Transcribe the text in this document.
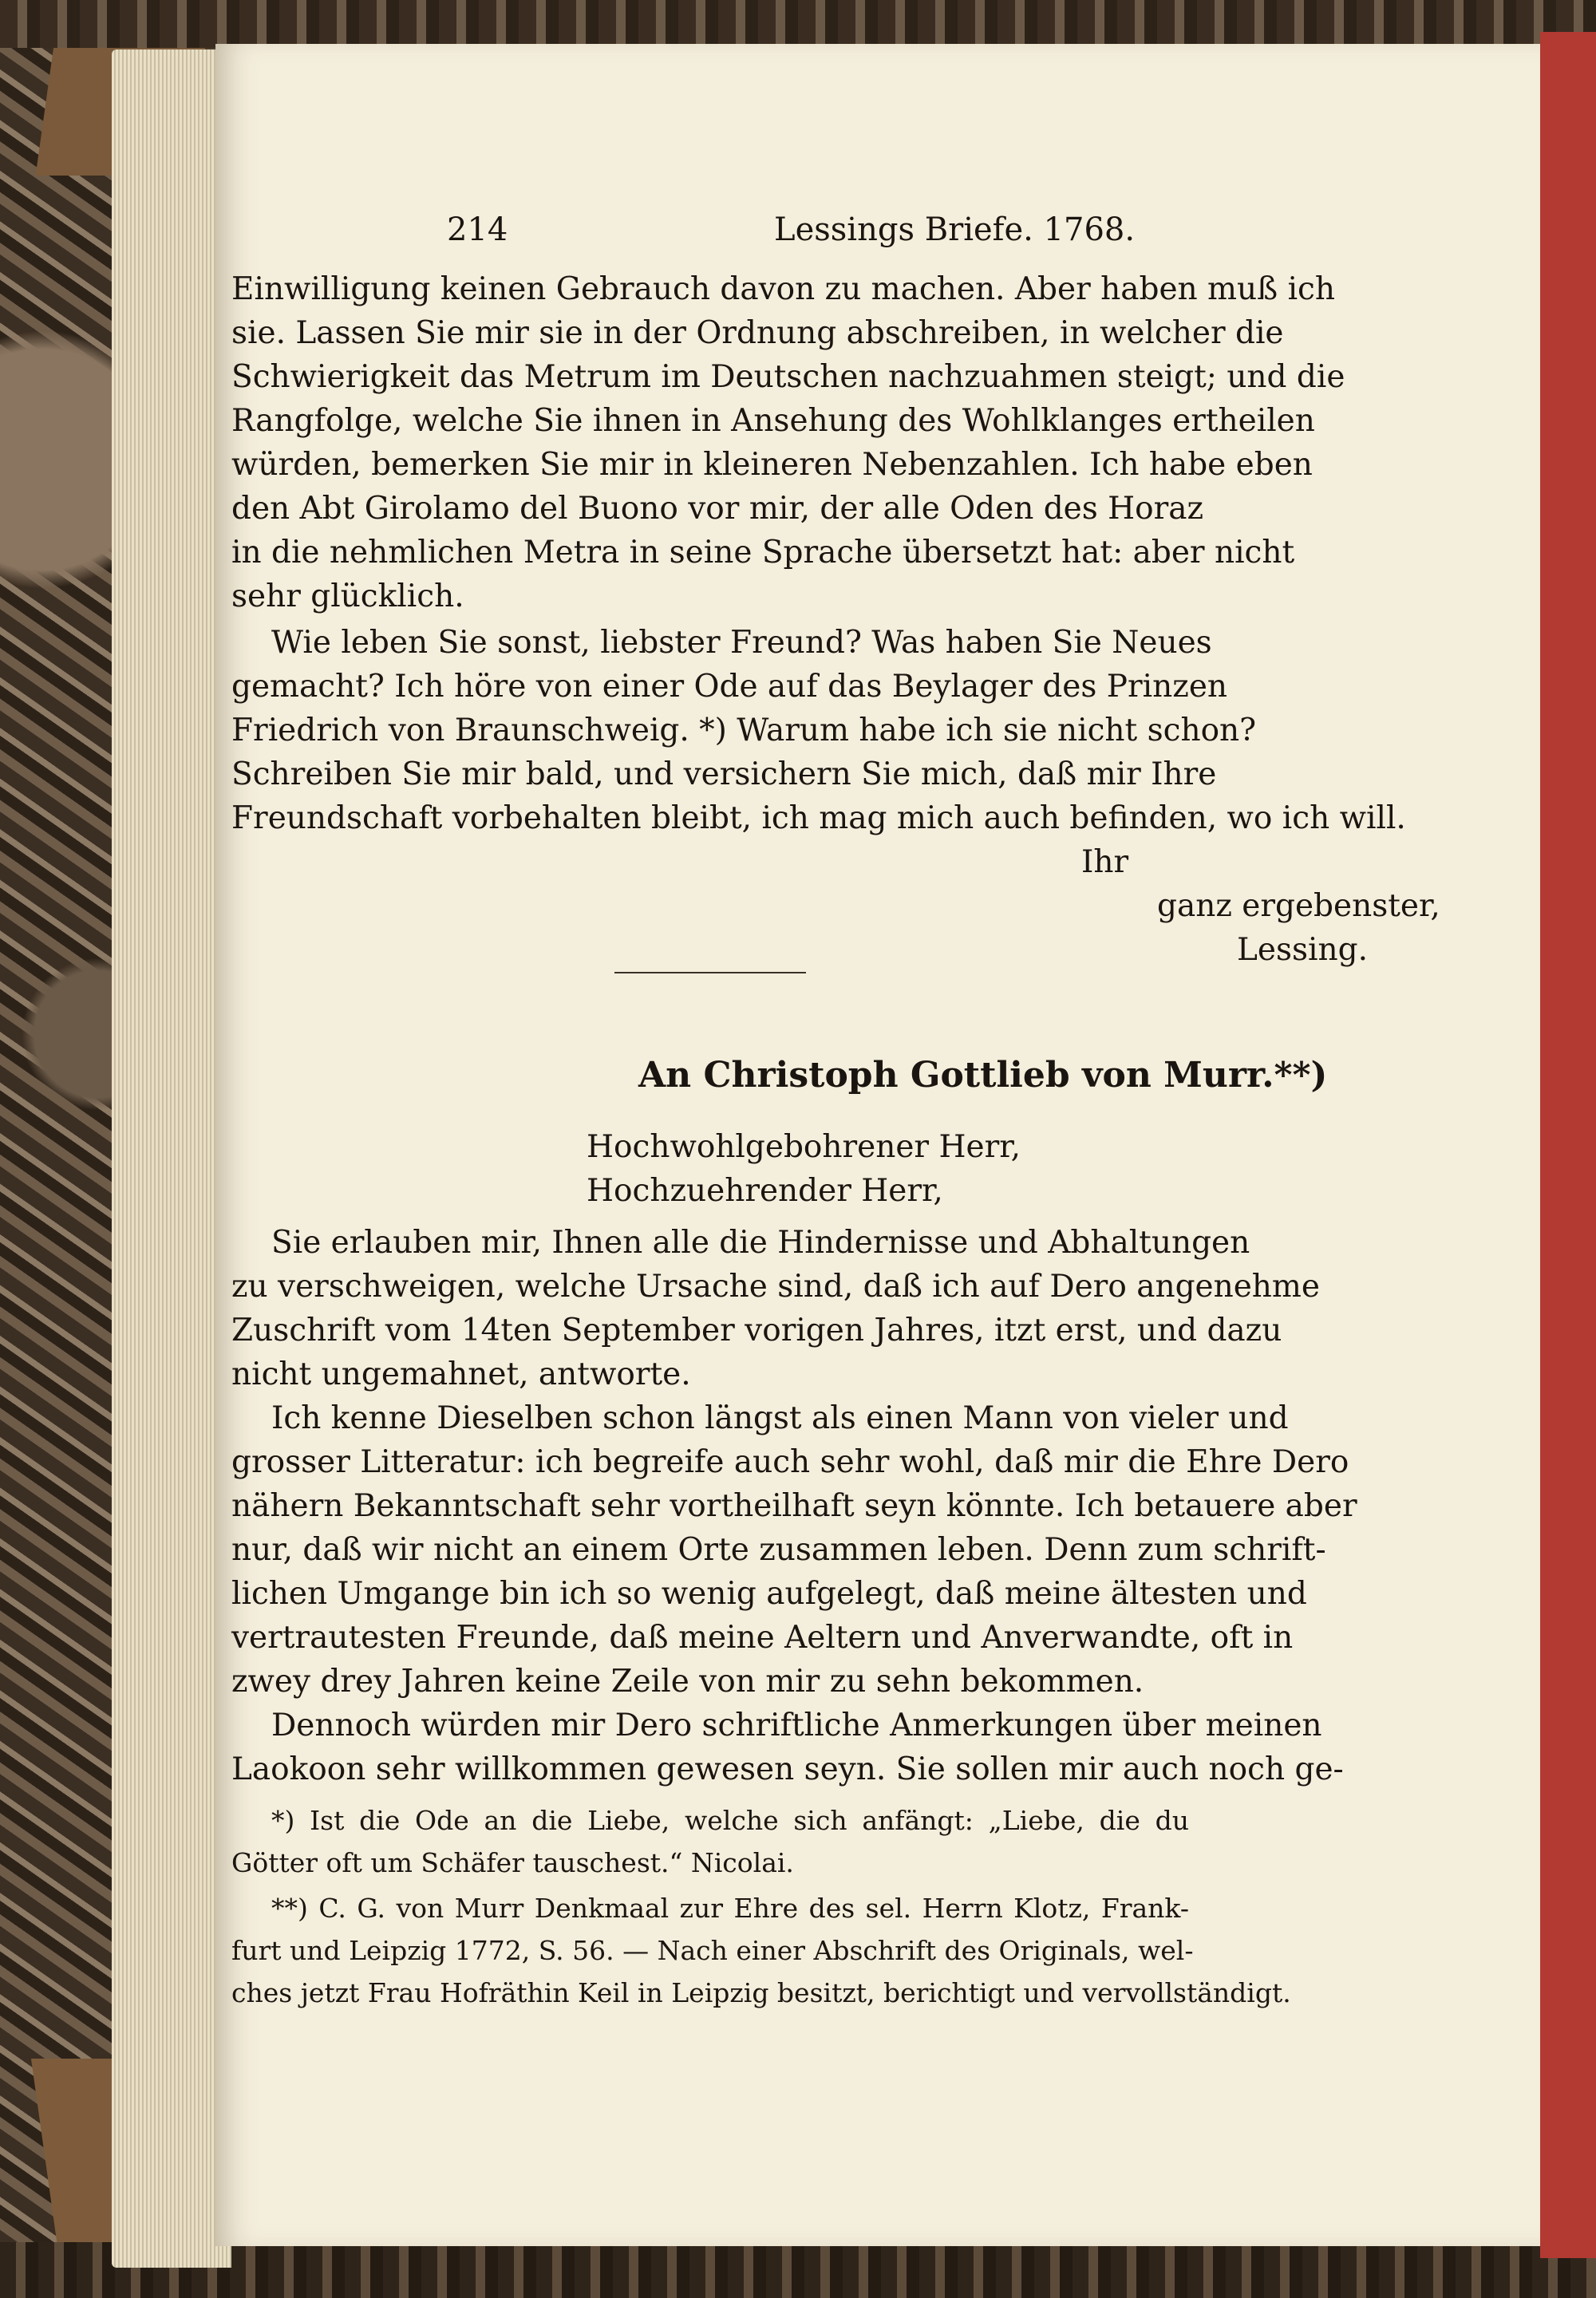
214	Lessings Briefe. 1768.
Einwilligung keinen Gebrauch davon zu machen. Aber haben muß ich
sie. Lassen Sie mir sie in der Ordnung abschreiben, in welcher die
Schwierigkeit das Metrum im Deutschen nachzuahmen steigt; und die
Rangfolge, welche Sie ihnen in Ansehung des Wohlklanges ertheilen
würden, bemerken Sie mir in kleineren Nebenzahlen. Ich habe eben
den Abt Girolamo del Buono vor mir, der alle Oden des Horaz
in die nehmlichen Metra in seine Sprache übersetzt hat: aber nicht
sehr glücklich.
Wie leben Sie sonst, liebster Freund? Was haben Sie Neues
gemacht? Ich höre von einer Ode auf das Beylager des Prinzen
Friedrich von Braunschweig. *) Warum habe ich sie nicht schon?
Schreiben Sie mir bald, und versichern Sie mich, daß mir Ihre
Freundschaft vorbehalten bleibt, ich mag mich auch befinden, wo ich will.
Ihr
ganz ergebenster,
Lessing.
An Christoph Gottlieb von Murr.**)
Hochwohlgebohrener Herr,
Hochzuehrender Herr,
Sie erlauben mir, Ihnen alle die Hindernisse und Abhaltungen
zu verschweigen, welche Ursache sind, daß ich auf Dero angenehme
Zuschrift vom 14ten September vorigen Jahres, itzt erst, und dazu
nicht ungemahnet, antworte.
Ich kenne Dieselben schon längst als einen Mann von vieler und
grosser Litteratur: ich begreife auch sehr wohl, daß mir die Ehre Dero
nähern Bekanntschaft sehr vortheilhaft seyn könnte. Ich betauere aber
nur, daß wir nicht an einem Orte zusammen leben. Denn zum schrift-
lichen Umgange bin ich so wenig aufgelegt, daß meine ältesten und
vertrautesten Freunde, daß meine Aeltern und Anverwandte, oft in
zwey drey Jahren keine Zeile von mir zu sehn bekommen.
Dennoch würden mir Dero schriftliche Anmerkungen über meinen
Laokoon sehr willkommen gewesen seyn. Sie sollen mir auch noch ge-
*) Ist die Ode an die Liebe, welche sich anfängt: „Liebe, die du
Götter oft um Schäfer tauschest.“ Nicolai.
**) C. G. von Murr Denkmaal zur Ehre des sel. Herrn Klotz, Frank-
furt und Leipzig 1772, S. 56. — Nach einer Abschrift des Originals, wel-
ches jetzt Frau Hofräthin Keil in Leipzig besitzt, berichtigt und vervollständigt.
